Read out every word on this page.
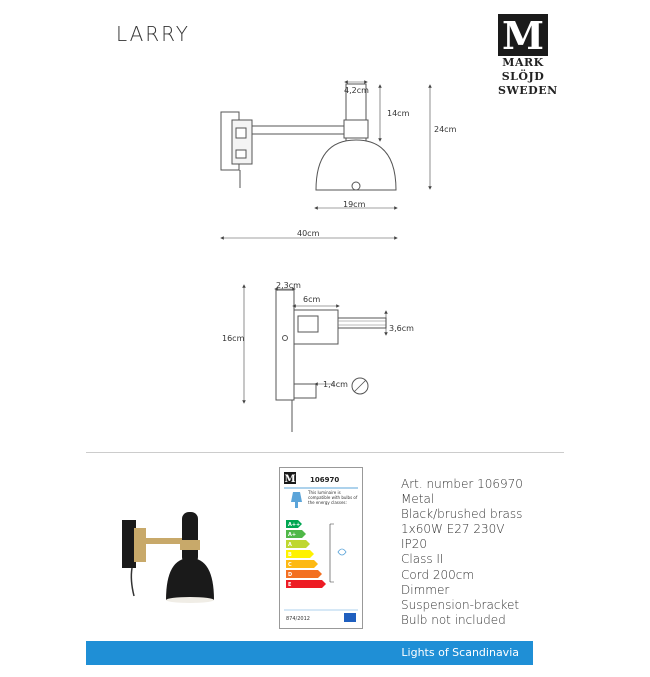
LARRY	M
MARK
SLÖJD
SWEDEN
4,2cm
14cm
24cm
19cm
40cm
2,3cm
6cm
3,6cm
16cm
1,4cm
M 106970
This luminaire is compatible with bulbs of the energy classes:
A++
A+
A
B
C
D
E
874/2012
Art. number 106970
Metal
Black/brushed brass
1x60W E27 230V
IP20
Class II
Cord 200cm
Dimmer
Suspension-bracket
Bulb not included
Lights of Scandinavia
